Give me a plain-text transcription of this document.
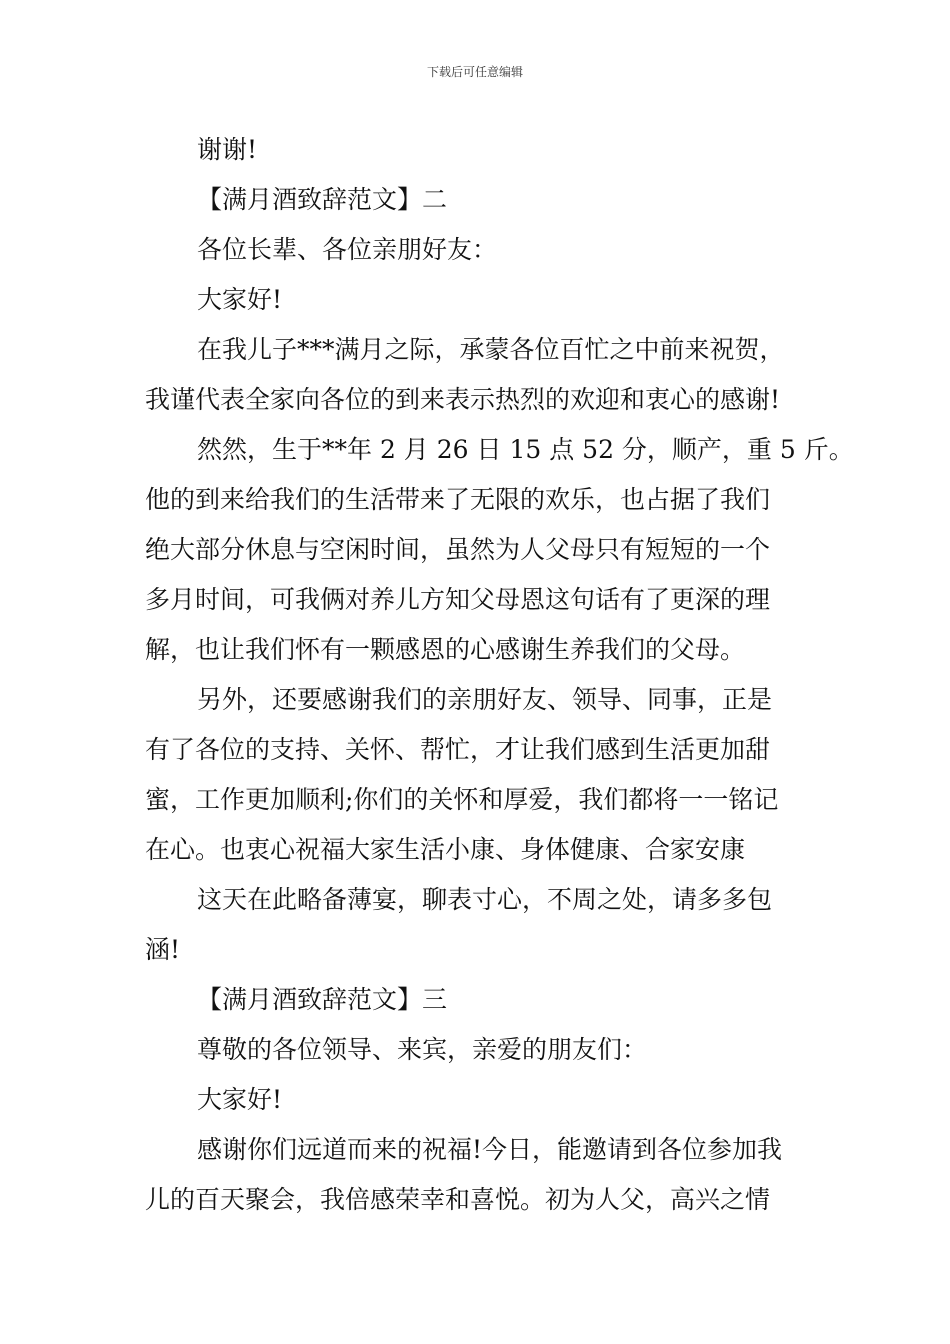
下载后可任意编辑
谢谢!
【满月酒致辞范文】二
各位长辈、各位亲朋好友：
大家好!
在我儿子***满月之际，承蒙各位百忙之中前来祝贺，
我谨代表全家向各位的到来表示热烈的欢迎和衷心的感谢!
然然，生于**年 2 月 26 日 15 点 52 分，顺产，重 5 斤。
他的到来给我们的生活带来了无限的欢乐，也占据了我们
绝大部分休息与空闲时间，虽然为人父母只有短短的一个
多月时间，可我俩对养儿方知父母恩这句话有了更深的理
解，也让我们怀有一颗感恩的心感谢生养我们的父母。
另外，还要感谢我们的亲朋好友、领导、同事，正是
有了各位的支持、关怀、帮忙，才让我们感到生活更加甜
蜜，工作更加顺利;你们的关怀和厚爱，我们都将一一铭记
在心。也衷心祝福大家生活小康、身体健康、合家安康
这天在此略备薄宴，聊表寸心，不周之处，请多多包
涵!
【满月酒致辞范文】三
尊敬的各位领导、来宾，亲爱的朋友们：
大家好!
感谢你们远道而来的祝福!今日，能邀请到各位参加我
儿的百天聚会，我倍感荣幸和喜悦。初为人父，高兴之情
